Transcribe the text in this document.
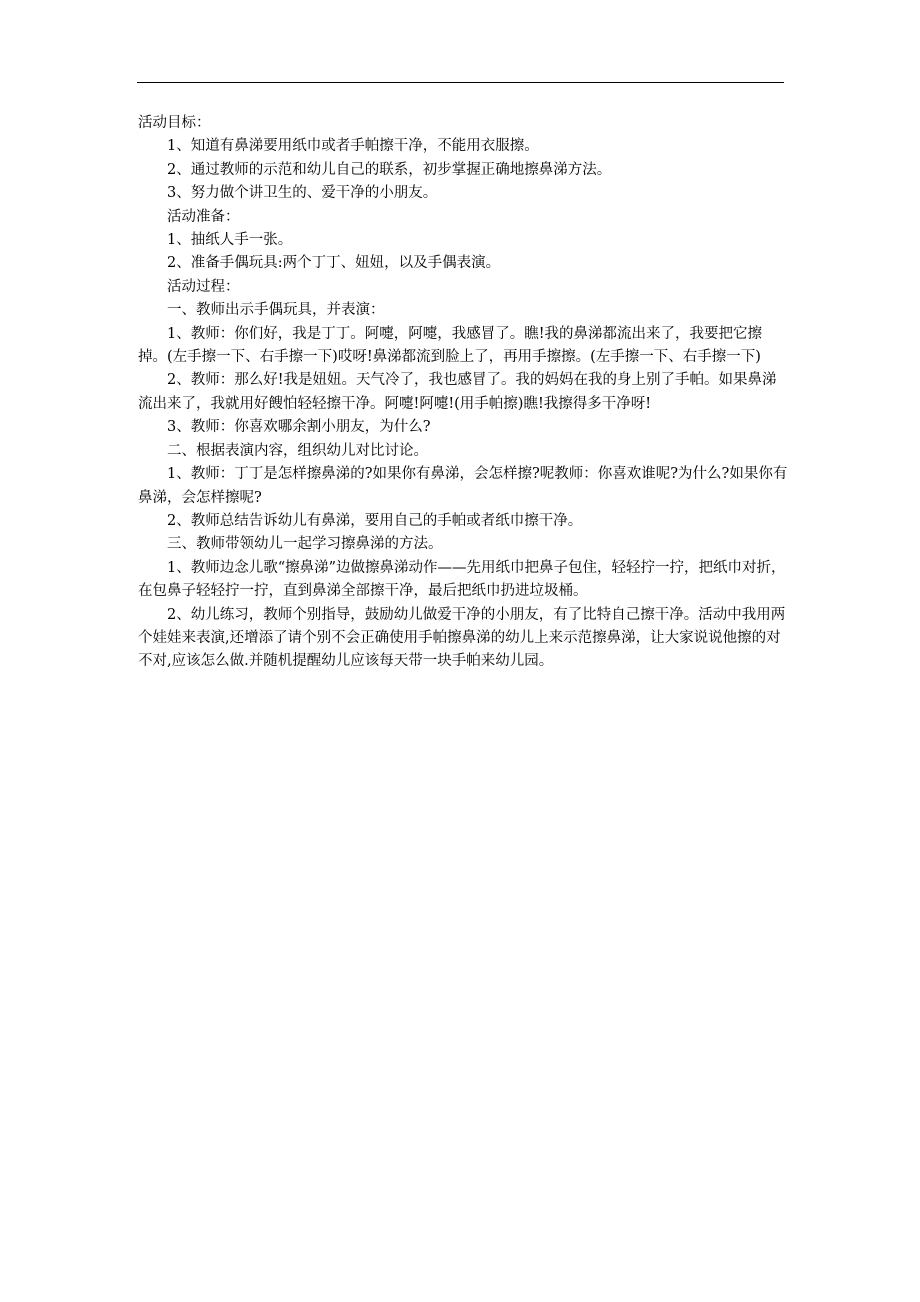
活动目标：

1、知道有鼻涕要用纸巾或者手帕擦干净，不能用衣服擦。

2、通过教师的示范和幼儿自己的联系，初步掌握正确地擦鼻涕方法。

3、努力做个讲卫生的、爱干净的小朋友。

活动准备：

1、抽纸人手一张。

2、准备手偶玩具:两个丁丁、妞妞，以及手偶表演。

活动过程：

一、教师出示手偶玩具，并表演：

1、教师：你们好，我是丁丁。阿嚏，阿嚏，我感冒了。瞧!我的鼻涕都流出来了，我要把它擦掉。(左手擦一下、右手擦一下)哎呀!鼻涕都流到脸上了，再用手擦擦。(左手擦一下、右手擦一下)

2、教师：那么好!我是妞妞。天气冷了，我也感冒了。我的妈妈在我的身上别了手帕。如果鼻涕流出来了，我就用好餿怕轻轻擦干净。阿嚏!阿嚏!(用手帕擦)瞧!我擦得多干净呀!

3、教师：你喜欢哪余割小朋友，为什么?

二、根据表演内容，组织幼儿对比讨论。

1、教师：丁丁是怎样擦鼻涕的?如果你有鼻涕，会怎样擦?呢教师：你喜欢谁呢?为什么?如果你有鼻涕，会怎样擦呢?

2、教师总结告诉幼儿有鼻涕，要用自己的手帕或者纸巾擦干净。

三、教师带领幼儿一起学习擦鼻涕的方法。

1、教师边念儿歌“擦鼻涕”边做擦鼻涕动作——先用纸巾把鼻子包住，轻轻拧一拧，把纸巾对折，在包鼻子轻轻拧一拧，直到鼻涕全部擦干净，最后把纸巾扔进垃圾桶。

2、幼儿练习，教师个别指导，鼓励幼儿做爱干净的小朋友，有了比特自己擦干净。活动中我用两个娃娃来表演,还增添了请个别不会正确使用手帕擦鼻涕的幼儿上来示范擦鼻涕，让大家说说他擦的对不对,应该怎么做.并随机提醒幼儿应该每天带一块手帕来幼儿园。
